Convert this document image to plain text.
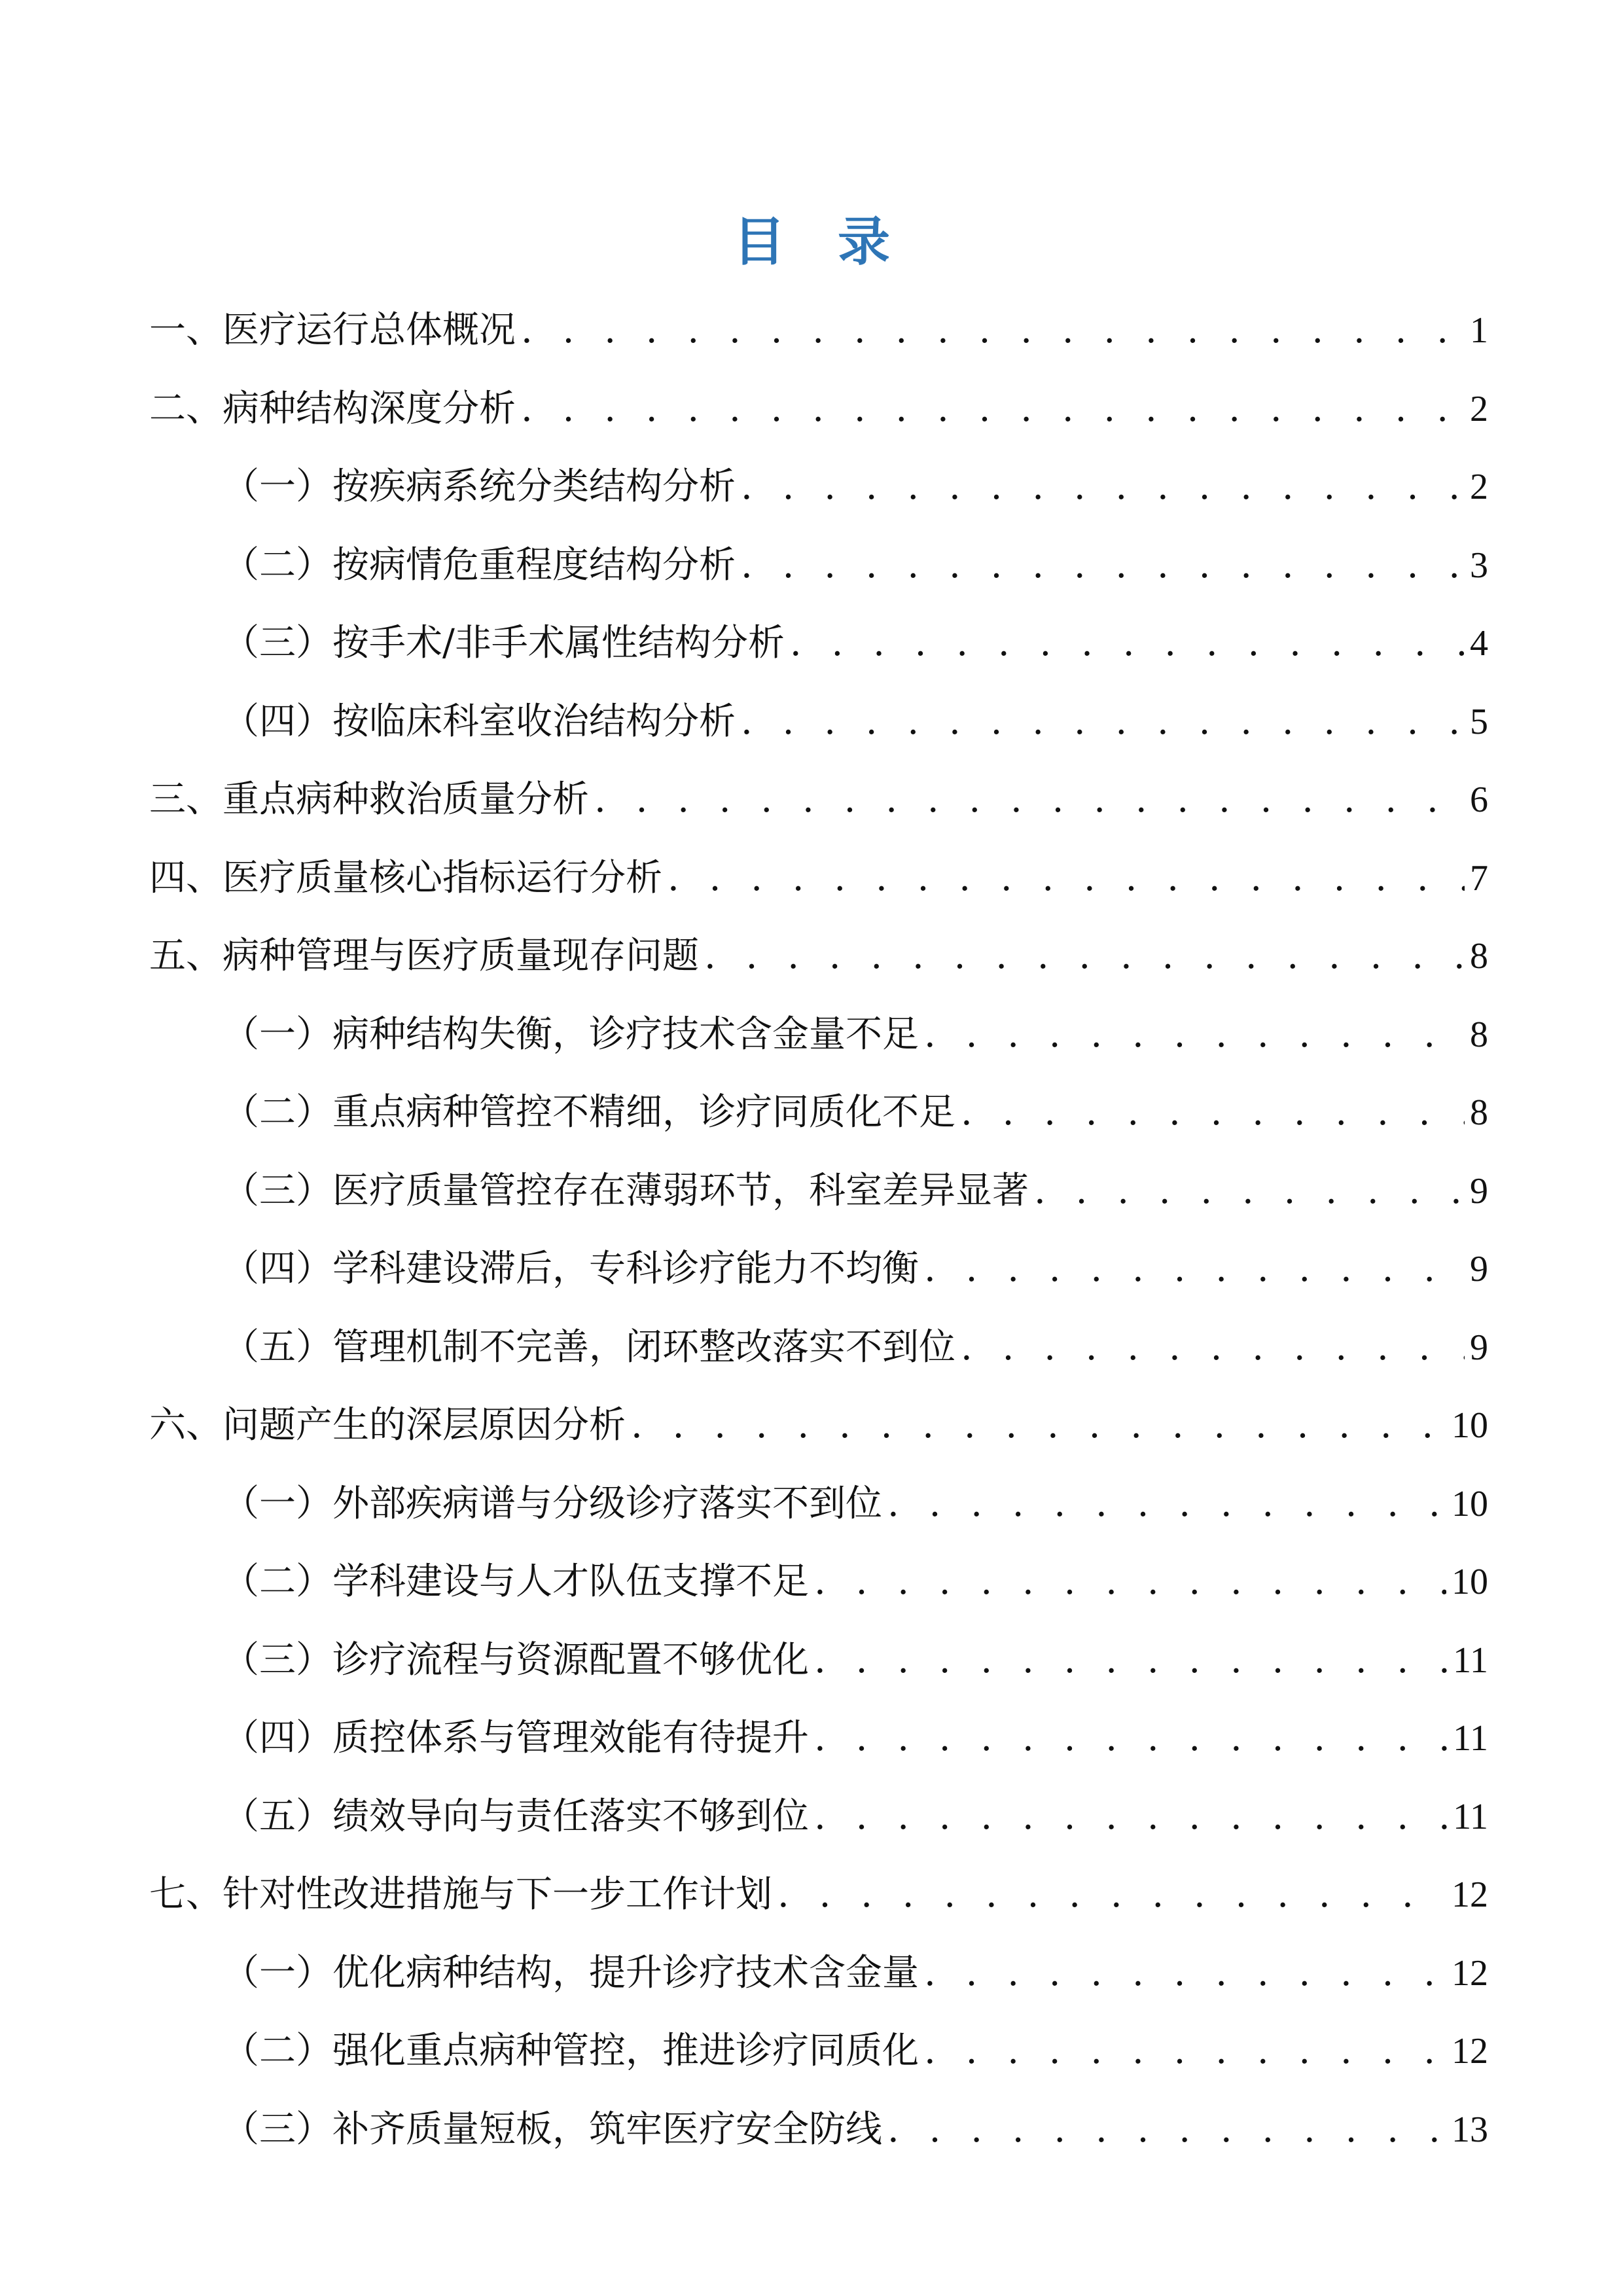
目录
一、医疗运行总体概况 . . .	1
二、病种结构深度分析 . . .	2
（一）按疾病系统分类结构分析 . . .	2
（二）按病情危重程度结构分析 . . .	3
（三）按手术/非手术属性结构分析 . . .	4
（四）按临床科室收治结构分析 . . .	5
三、重点病种救治质量分析 . . .	6
四、医疗质量核心指标运行分析 . . .	7
五、病种管理与医疗质量现存问题 . . .	8
（一）病种结构失衡，诊疗技术含金量不足 . . .	8
（二）重点病种管控不精细，诊疗同质化不足 . . .	8
（三）医疗质量管控存在薄弱环节，科室差异显著 . . .	9
（四）学科建设滞后，专科诊疗能力不均衡 . . .	9
（五）管理机制不完善，闭环整改落实不到位 . . .	9
六、问题产生的深层原因分析 . . .	10
（一）外部疾病谱与分级诊疗落实不到位 . . .	10
（二）学科建设与人才队伍支撑不足 . . .	10
（三）诊疗流程与资源配置不够优化 . . .	11
（四）质控体系与管理效能有待提升 . . .	11
（五）绩效导向与责任落实不够到位 . . .	11
七、针对性改进措施与下一步工作计划 . . .	12
（一）优化病种结构，提升诊疗技术含金量 . . .	12
（二）强化重点病种管控，推进诊疗同质化 . . .	12
（三）补齐质量短板，筑牢医疗安全防线 . . .	13
